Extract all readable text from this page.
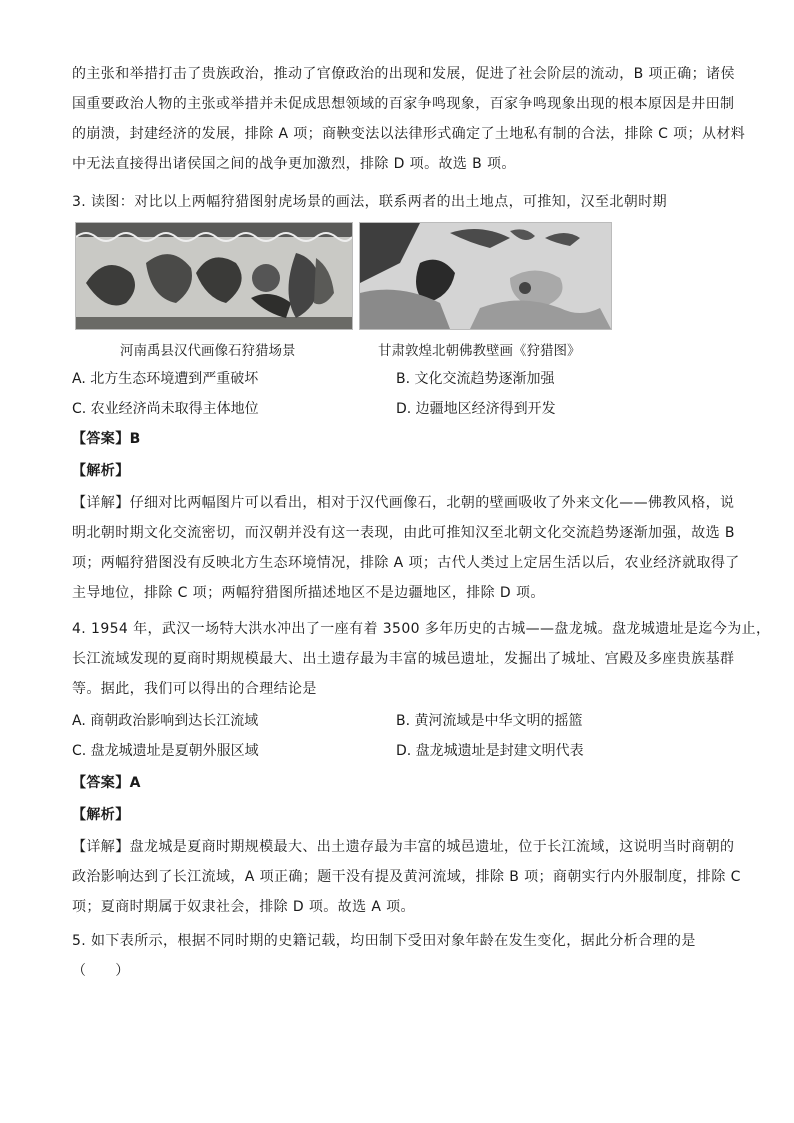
的主张和举措打击了贵族政治，推动了官僚政治的出现和发展，促进了社会阶层的流动，B 项正确；诸侯
国重要政治人物的主张或举措并未促成思想领域的百家争鸣现象，百家争鸣现象出现的根本原因是井田制
的崩溃，封建经济的发展，排除 A 项；商鞅变法以法律形式确定了土地私有制的合法，排除 C 项；从材料
中无法直接得出诸侯国之间的战争更加激烈，排除 D 项。故选 B 项。
3. 读图：对比以上两幅狩猎图射虎场景的画法，联系两者的出土地点，可推知，汉至北朝时期
河南禹县汉代画像石狩猎场景	甘肃敦煌北朝佛教壁画《狩猎图》
A. 北方生态环境遭到严重破坏	B. 文化交流趋势逐渐加强
C. 农业经济尚未取得主体地位	D. 边疆地区经济得到开发
【答案】B
【解析】
【详解】仔细对比两幅图片可以看出，相对于汉代画像石，北朝的壁画吸收了外来文化——佛教风格，说
明北朝时期文化交流密切，而汉朝并没有这一表现，由此可推知汉至北朝文化交流趋势逐渐加强，故选 B
项；两幅狩猎图没有反映北方生态环境情况，排除 A 项；古代人类过上定居生活以后，农业经济就取得了
主导地位，排除 C 项；两幅狩猎图所描述地区不是边疆地区，排除 D 项。
4. 1954 年，武汉一场特大洪水冲出了一座有着 3500 多年历史的古城——盘龙城。盘龙城遗址是迄今为止，
长江流域发现的夏商时期规模最大、出土遗存最为丰富的城邑遗址，发掘出了城址、宫殿及多座贵族基群
等。据此，我们可以得出的合理结论是
A. 商朝政治影响到达长江流域	B. 黄河流域是中华文明的摇篮
C. 盘龙城遗址是夏朝外服区域	D. 盘龙城遗址是封建文明代表
【答案】A
【解析】
【详解】盘龙城是夏商时期规模最大、出土遗存最为丰富的城邑遗址，位于长江流域，这说明当时商朝的
政治影响达到了长江流域，A 项正确；题干没有提及黄河流域，排除 B 项；商朝实行内外服制度，排除 C
项；夏商时期属于奴隶社会，排除 D 项。故选 A 项。
5. 如下表所示，根据不同时期的史籍记载，均田制下受田对象年龄在发生变化，据此分析合理的是
（　　）
